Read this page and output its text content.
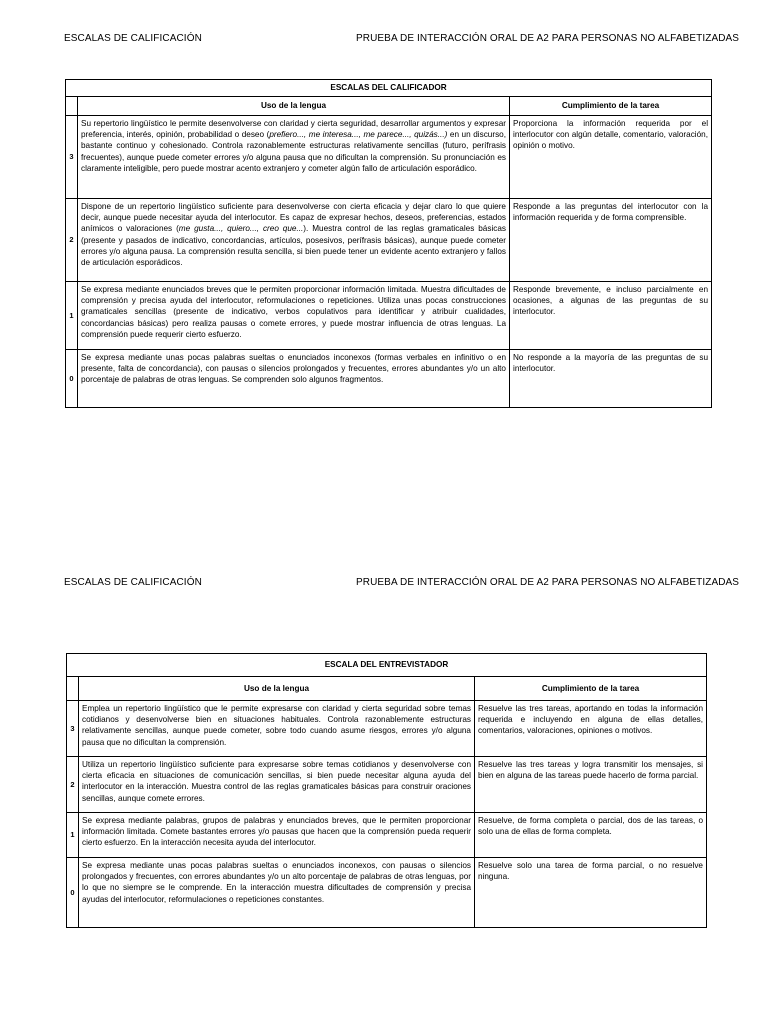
ESCALAS DE CALIFICACIÓN	PRUEBA DE INTERACCIÓN ORAL DE A2 PARA PERSONAS NO ALFABETIZADAS
ESCALAS DEL CALIFICADOR		
	Uso de la lengua	Cumplimiento de la tarea
3	Su repertorio lingüístico le permite desenvolverse con claridad y cierta seguridad, desarrollar argumentos y expresar preferencia, interés, opinión, probabilidad o deseo (prefiero..., me interesa..., me parece..., quizás...) en un discurso, bastante continuo y cohesionado. Controla razonablemente estructuras relativamente sencillas (futuro, perífrasis frecuentes), aunque puede cometer errores y/o alguna pausa que no dificultan la comprensión. Su pronunciación es claramente inteligible, pero puede mostrar acento extranjero y cometer algún fallo de articulación esporádico.	Proporciona la información requerida por el interlocutor con algún detalle, comentario, valoración, opinión o motivo.
2	Dispone de un repertorio lingüístico suficiente para desenvolverse con cierta eficacia y dejar claro lo que quiere decir, aunque puede necesitar ayuda del interlocutor. Es capaz de expresar hechos, deseos, preferencias, estados anímicos o valoraciones (me gusta..., quiero..., creo que...). Muestra control de las reglas gramaticales básicas (presente y pasados de indicativo, concordancias, artículos, posesivos, perífrasis básicas), aunque puede cometer errores y/o alguna pausa. La comprensión resulta sencilla, si bien puede tener un evidente acento extranjero y fallos de articulación esporádicos.	Responde a las preguntas del interlocutor con la información requerida y de forma comprensible.
1	Se expresa mediante enunciados breves que le permiten proporcionar información limitada. Muestra dificultades de comprensión y precisa ayuda del interlocutor, reformulaciones o repeticiones. Utiliza unas pocas construcciones gramaticales sencillas (presente de indicativo, verbos copulativos para identificar y atribuir cualidades, concordancias básicas) pero realiza pausas o comete errores, y puede mostrar influencia de otras lenguas. La comprensión puede requerir cierto esfuerzo.	Responde brevemente, e incluso parcialmente en ocasiones, a algunas de las preguntas de su interlocutor.
0	Se expresa mediante unas pocas palabras sueltas o enunciados inconexos (formas verbales en infinitivo o en presente, falta de concordancia), con pausas o silencios prolongados y frecuentes, errores abundantes y/o un alto porcentaje de palabras de otras lenguas. Se comprenden solo algunos fragmentos.	No responde a la mayoría de las preguntas de su interlocutor.
ESCALAS DE CALIFICACIÓN	PRUEBA DE INTERACCIÓN ORAL DE A2 PARA PERSONAS NO ALFABETIZADAS
ESCALA DEL ENTREVISTADOR		
	Uso de la lengua	Cumplimiento de la tarea
3	Emplea un repertorio lingüístico que le permite expresarse con claridad y cierta seguridad sobre temas cotidianos y desenvolverse bien en situaciones habituales. Controla razonablemente estructuras relativamente sencillas, aunque puede cometer, sobre todo cuando asume riesgos, errores y/o alguna pausa que no dificultan la comprensión.	Resuelve las tres tareas, aportando en todas la información requerida e incluyendo en alguna de ellas detalles, comentarios, valoraciones, opiniones o motivos.
2	Utiliza un repertorio lingüístico suficiente para expresarse sobre temas cotidianos y desenvolverse con cierta eficacia en situaciones de comunicación sencillas, si bien puede necesitar alguna ayuda del interlocutor en la interacción. Muestra control de las reglas gramaticales básicas para construir oraciones sencillas, aunque comete errores.	Resuelve las tres tareas y logra transmitir los mensajes, si bien en alguna de las tareas puede hacerlo de forma parcial.
1	Se expresa mediante palabras, grupos de palabras y enunciados breves, que le permiten proporcionar información limitada. Comete bastantes errores y/o pausas que hacen que la comprensión pueda requerir cierto esfuerzo. En la interacción necesita ayuda del interlocutor.	Resuelve, de forma completa o parcial, dos de las tareas, o solo una de ellas de forma completa.
0	Se expresa mediante unas pocas palabras sueltas o enunciados inconexos, con pausas o silencios prolongados y frecuentes, con errores abundantes y/o un alto porcentaje de palabras de otras lenguas, por lo que no siempre se le comprende. En la interacción muestra dificultades de comprensión y precisa ayudas del interlocutor, reformulaciones o repeticiones constantes.	Resuelve solo una tarea de forma parcial, o no resuelve ninguna.
